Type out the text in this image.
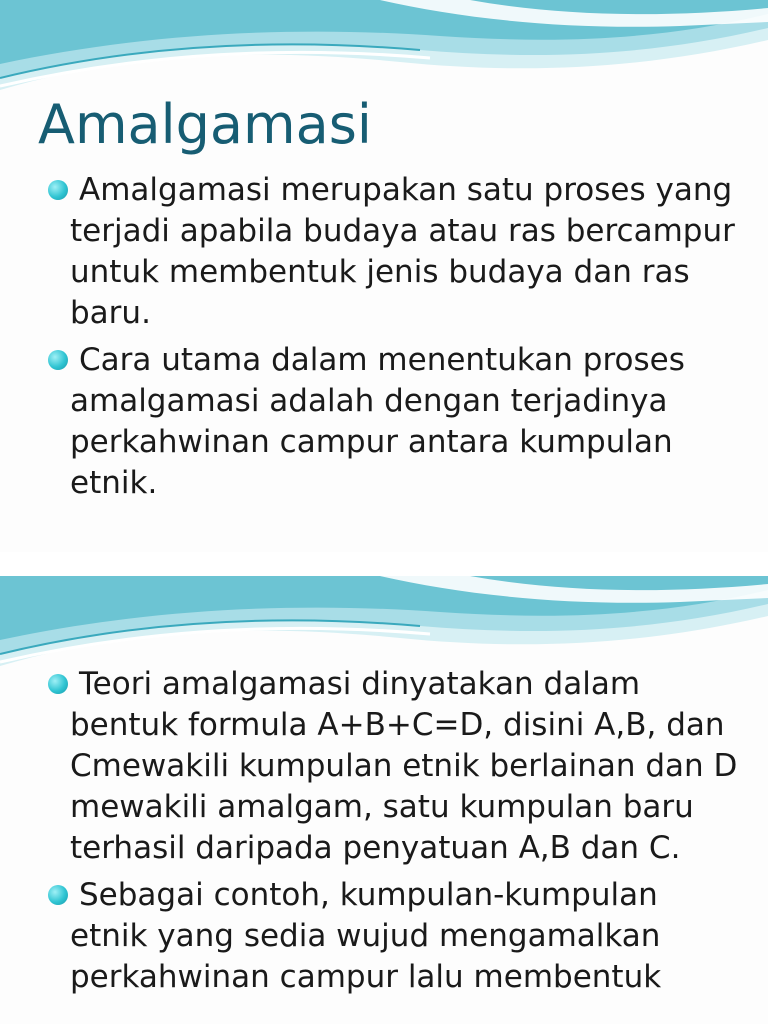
Amalgamasi
Amalgamasi merupakan satu proses yang terjadi apabila budaya atau ras bercampur untuk membentuk jenis budaya dan ras baru.
Cara utama dalam menentukan proses amalgamasi adalah dengan terjadinya perkahwinan campur antara kumpulan etnik.
Teori amalgamasi dinyatakan dalam bentuk formula A+B+C=D, disini A,B, dan Cmewakili kumpulan etnik berlainan dan D mewakili amalgam, satu kumpulan baru terhasil daripada penyatuan A,B dan C.
Sebagai contoh, kumpulan-kumpulan etnik yang sedia wujud mengamalkan perkahwinan campur lalu membentuk
